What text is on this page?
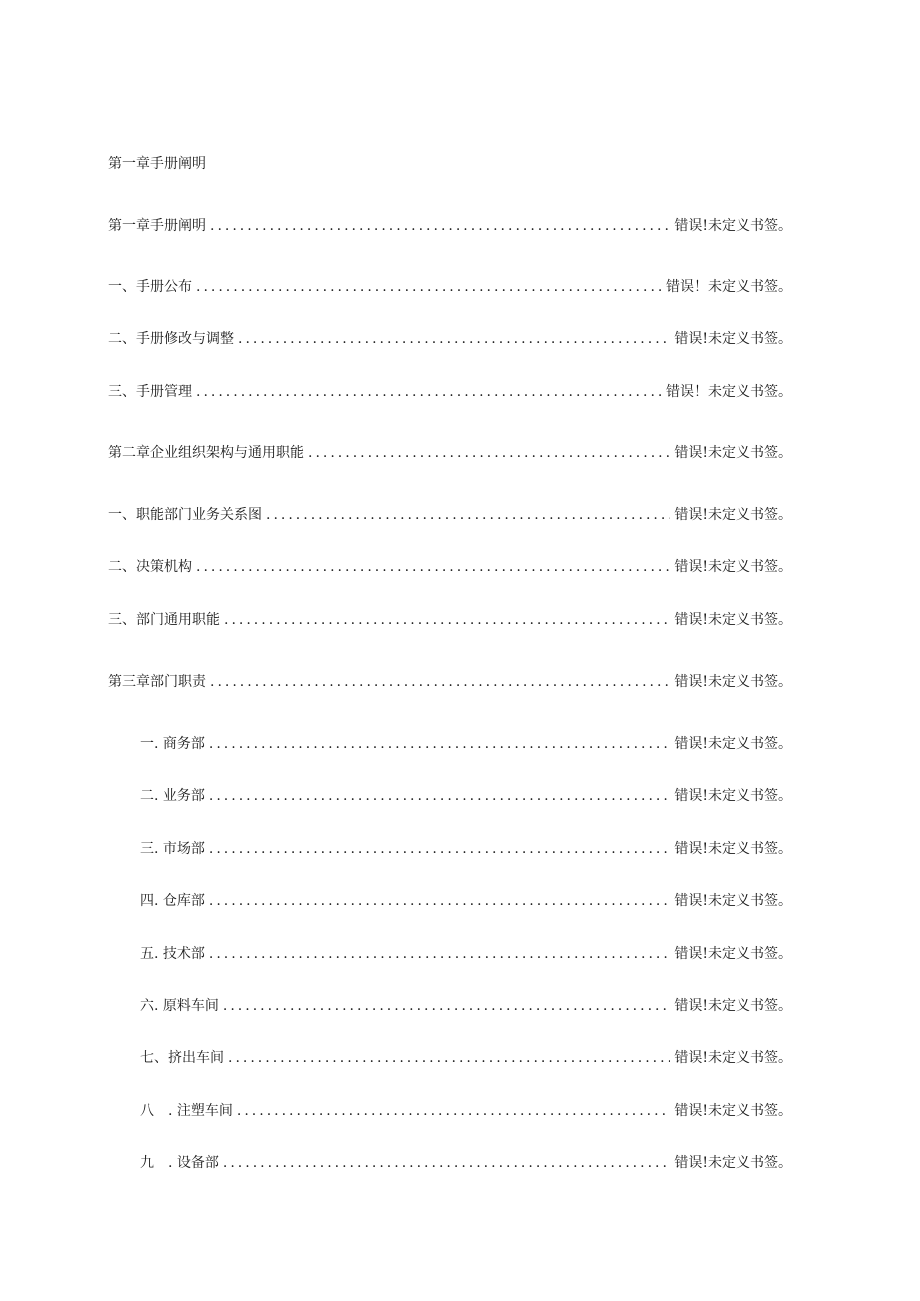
第一章手册阐明
第一章手册阐明 .....	错误!未定义书签。
一、手册公布 .....	错误！未定义书签。
二、手册修改与调整 .....	错误!未定义书签。
三、手册管理 .....	错误！未定义书签。
第二章企业组织架构与通用职能 .....	错误!未定义书签。
一、职能部门业务关系图 .....	错误!未定义书签。
二、决策机构 .....	错误!未定义书签。
三、部门通用职能 .....	错误!未定义书签。
第三章部门职责 .....	错误!未定义书签。
一. 商务部 .....	错误!未定义书签。
二. 业务部 .....	错误!未定义书签。
三. 市场部 .....	错误!未定义书签。
四. 仓库部 .....	错误!未定义书签。
五. 技术部 .....	错误!未定义书签。
六. 原料车间 .....	错误!未定义书签。
七、挤出车间 .....	错误!未定义书签。
八　. 注塑车间 .....	错误!未定义书签。
九　. 设备部 .....	错误!未定义书签。
